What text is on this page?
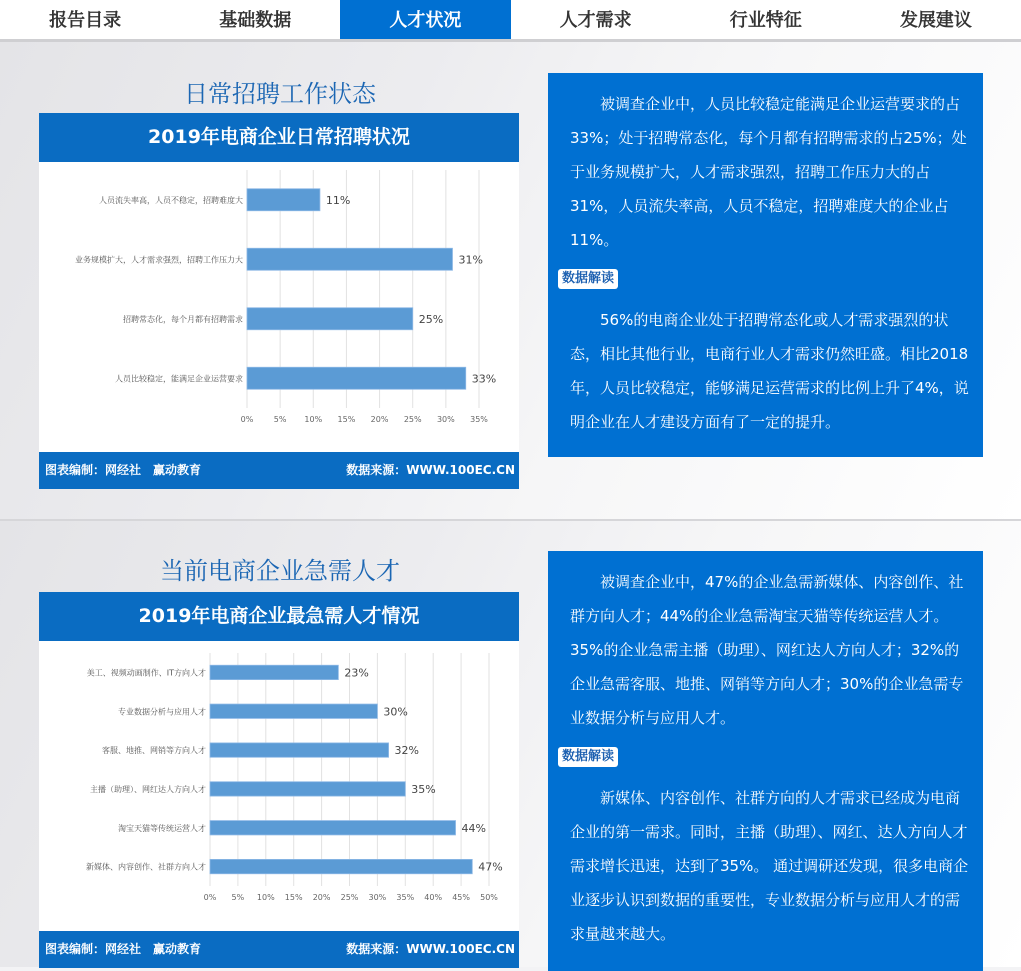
报告目录	基础数据	人才状况	人才需求	行业特征	发展建议
日常招聘工作状态
2019年电商企业日常招聘状况
0%	5% 10% 15% 20% 25% 30% 35%
人员流失率高，人员不稳定，招聘难度大	11%
业务规模扩大，人才需求强烈，招聘工作压力大	31%
招聘常态化，每个月都有招聘需求	25%
人员比较稳定，能满足企业运营要求	33%
图表编制：网经社　赢动教育	数据来源：WWW.100EC.CN

被调查企业中，人员比较稳定能满足企业运营要求的占33%；处于招聘常态化，每个月都有招聘需求的占25%；处于业务规模扩大，人才需求强烈，招聘工作压力大的占31%，人员流失率高，人员不稳定，招聘难度大的企业占11%。

数据解读

56%的电商企业处于招聘常态化或人才需求强烈的状态，相比其他行业，电商行业人才需求仍然旺盛。相比2018年，人员比较稳定，能够满足运营需求的比例上升了4%，说明企业在人才建设方面有了一定的提升。

当前电商企业急需人才
2019年电商企业最急需人才情况
0% 5% 10% 15% 20% 25% 30% 35% 40% 45% 50%
美工、视频动画制作、IT方向人才	23%
专业数据分析与应用人才	30%
客服、地推、网销等方向人才	32%
主播（助理）、网红达人方向人才	35%
淘宝天猫等传统运营人才	44%
新媒体、内容创作、社群方向人才	47%
图表编制：网经社　赢动教育	数据来源：WWW.100EC.CN

被调查企业中，47%的企业急需新媒体、内容创作、社群方向人才；44%的企业急需淘宝天猫等传统运营人才。35%的企业急需主播（助理）、网红达人方向人才；32%的企业急需客服、地推、网销等方向人才；30%的企业急需专业数据分析与应用人才。

数据解读

新媒体、内容创作、社群方向的人才需求已经成为电商企业的第一需求。同时，主播（助理）、网红、达人方向人才需求增长迅速，达到了35%。 通过调研还发现，很多电商企业逐步认识到数据的重要性，专业数据分析与应用人才的需求量越来越大。
